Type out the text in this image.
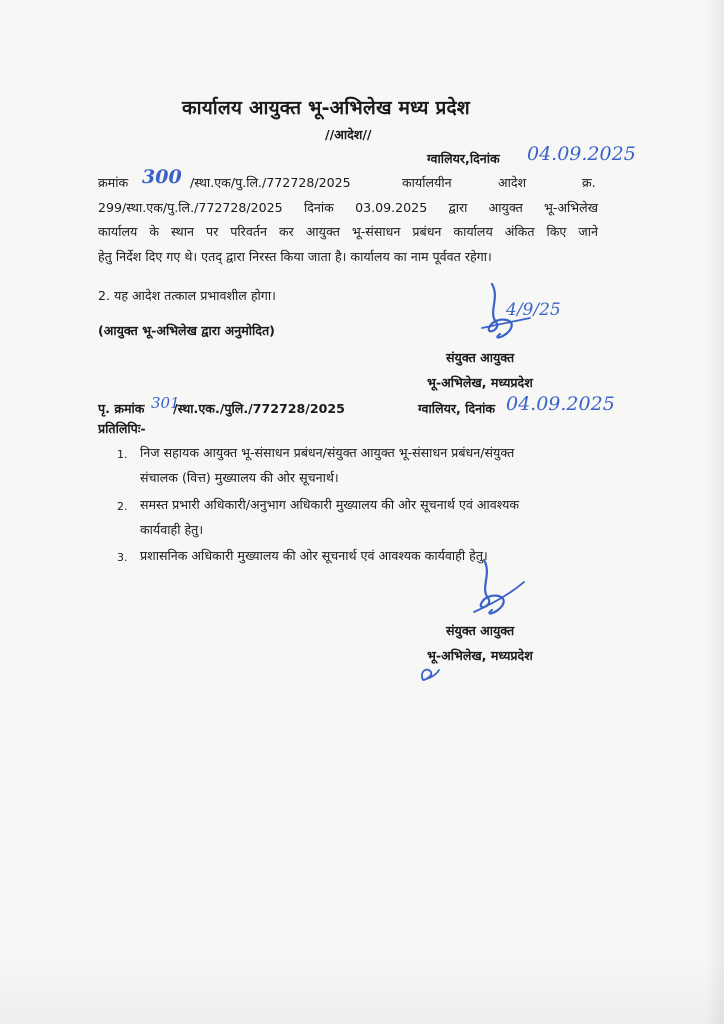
कार्यालय आयुक्त भू-अभिलेख मध्य प्रदेश
//आदेश//
ग्वालियर,दिनांक 04.09.2025
क्रमांक 300 /स्था.एक/पु.लि./772728/2025	कार्यालयीन	आदेश	क्र.
299/स्था.एक/पु.लि./772728/2025 दिनांक 03.09.2025 द्वारा आयुक्त भू-अभिलेख
कार्यालय के स्थान पर परिवर्तन कर आयुक्त भू-संसाधन प्रबंधन कार्यालय अंकित किए जाने
हेतु निर्देश दिए गए थे। एतद् द्वारा निरस्त किया जाता है। कार्यालय का नाम पूर्ववत रहेगा।
2. यह आदेश तत्काल प्रभावशील होगा।
(आयुक्त भू-अभिलेख द्वारा अनुमोदित)
4/9/25
संयुक्त आयुक्त
भू-अभिलेख, मध्यप्रदेश
पृ. क्रमांक 301
/स्था.एक./पुलि./772728/2025	ग्वालियर, दिनांक 04.09.2025
प्रतिलिपिः-
1. निज सहायक आयुक्त भू-संसाधन प्रबंधन/संयुक्त आयुक्त भू-संसाधन प्रबंधन/संयुक्त
संचालक (वित्त) मुख्यालय की ओर सूचनार्थ।
2. समस्त प्रभारी अधिकारी/अनुभाग अधिकारी मुख्यालय की ओर सूचनार्थ एवं आवश्यक
कार्यवाही हेतु।
3. प्रशासनिक अधिकारी मुख्यालय की ओर सूचनार्थ एवं आवश्यक कार्यवाही हेतु।
संयुक्त आयुक्त
भू-अभिलेख, मध्यप्रदेश
